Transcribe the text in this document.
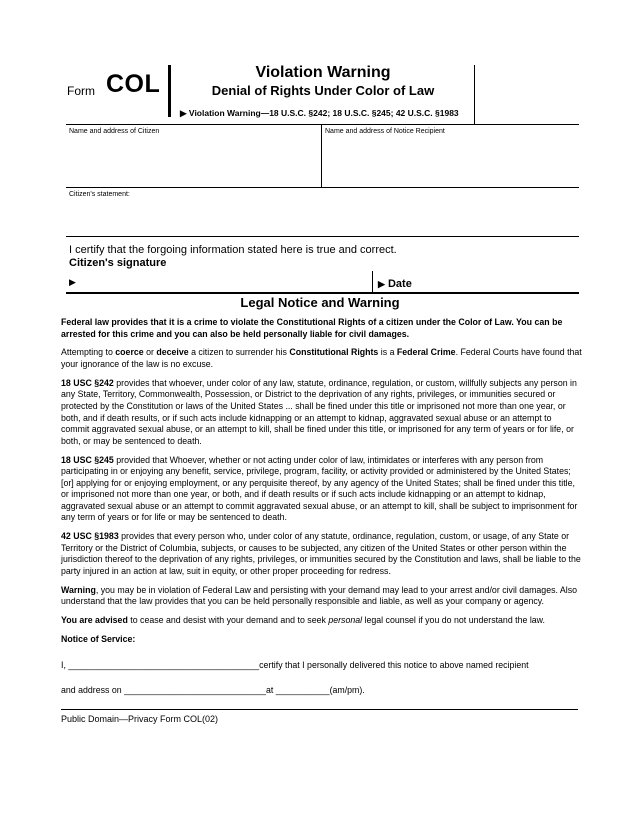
Form COL	Violation Warning
Denial of Rights Under Color of Law
▶ Violation Warning—18 U.S.C. §242; 18 U.S.C. §245; 42 U.S.C. §1983
Name and address of Citizen	Name and address of Notice Recipient
Citizen's statement:
I certify that the forgoing information stated here is true and correct.
Citizen's signature
▶	▶ Date
Legal Notice and Warning

Federal law provides that it is a crime to violate the Constitutional Rights of a citizen under the Color of Law. You can be arrested for this crime and you can also be held personally liable for civil damages.

Attempting to coerce or deceive a citizen to surrender his Constitutional Rights is a Federal Crime. Federal Courts have found that your ignorance of the law is no excuse.

18 USC §242 provides that whoever, under color of any law, statute, ordinance, regulation, or custom, willfully subjects any person in any State, Territory, Commonwealth, Possession, or District to the deprivation of any rights, privileges, or immunities secured or protected by the Constitution or laws of the United States ... shall be fined under this title or imprisoned not more than one year, or both, and if death results, or if such acts include kidnapping or an attempt to kidnap, aggravated sexual abuse or an attempt to commit aggravated sexual abuse, or an attempt to kill, shall be fined under this title, or imprisoned for any term of years or for life, or both, or may be sentenced to death.

18 USC §245 provided that Whoever, whether or not acting under color of law, intimidates or interferes with any person from participating in or enjoying any benefit, service, privilege, program, facility, or activity provided or administered by the United States; [or] applying for or enjoying employment, or any perquisite thereof, by any agency of the United States; shall be fined under this title, or imprisoned not more than one year, or both, and if death results or if such acts include kidnapping or an attempt to kidnap, aggravated sexual abuse or an attempt to commit aggravated sexual abuse, or an attempt to kill, shall be subject to imprisonment for any term of years or for life or may be sentenced to death.

42 USC §1983 provides that every person who, under color of any statute, ordinance, regulation, custom, or usage, of any State or Territory or the District of Columbia, subjects, or causes to be subjected, any citizen of the United States or other person within the jurisdiction thereof to the deprivation of any rights, privileges, or immunities secured by the Constitution and laws, shall be liable to the party injured in an action at law, suit in equity, or other proper proceeding for redress.

Warning, you may be in violation of Federal Law and persisting with your demand may lead to your arrest and/or civil damages. Also understand that the law provides that you can be held personally responsible and liable, as well as your company or agency.

You are advised to cease and desist with your demand and to seek personal legal counsel if you do not understand the law.

Notice of Service:

I, _______________________________________certify that I personally delivered this notice to above named recipient

and address on _____________________________at ___________(am/pm).

Public Domain—Privacy Form COL(02)
